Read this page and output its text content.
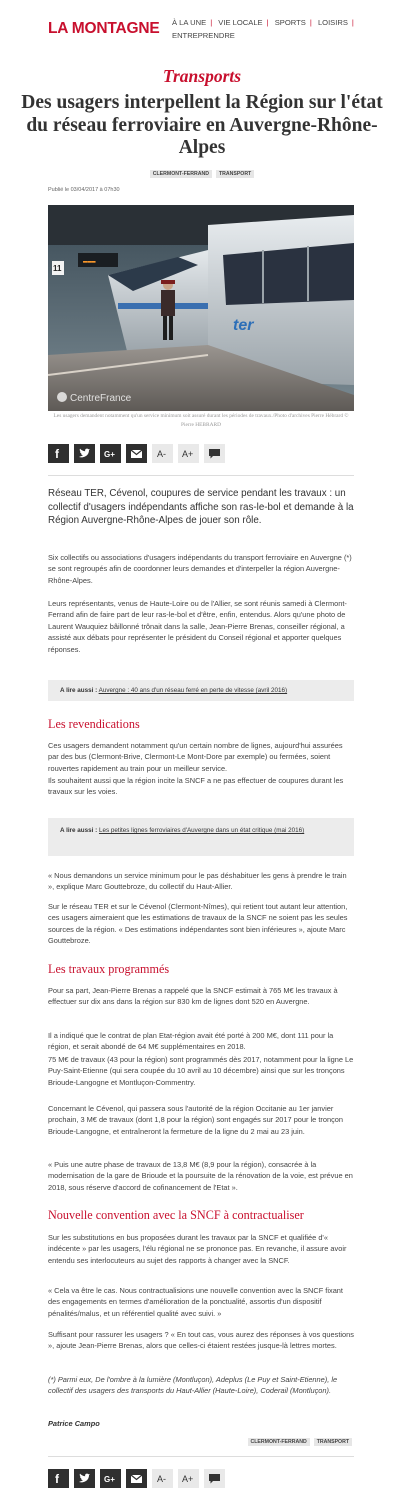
LA MONTAGNE À LA UNE | VIE LOCALE | SPORTS | LOISIRS |
ENTREPRENDRE
Transports
Des usagers interpellent la Région sur l'état du réseau ferroviaire en Auvergne-Rhône-Alpes
CLERMONT-FERRAND TRANSPORT
Publié le 03/04/2017 à 07h30
▬▬▬
11
ter
CentreFrance
Les usagers demandent notamment qu'un service minimum soit assuré durant les périodes de travaux./Photo d'archives Pierre Hébrard © Pierre HEBRARD
f	G+	A- A+

Réseau TER, Cévenol, coupures de service pendant les travaux : un collectif d'usagers indépendants affiche son ras-le-bol et demande à la Région Auvergne-Rhône-Alpes de jouer son rôle.

Six collectifs ou associations d'usagers indépendants du transport ferroviaire en Auvergne (*) se sont regroupés afin de coordonner leurs demandes et d'interpeller la région Auvergne-Rhône-Alpes.

Leurs représentants, venus de Haute-Loire ou de l'Allier, se sont réunis samedi à Clermont-Ferrand afin de faire part de leur ras-le-bol et d'être, enfin, entendus. Alors qu'une photo de Laurent Wauquiez bâillonné trônait dans la salle, Jean-Pierre Brenas, conseiller régional, a assisté aux débats pour représenter le président du Conseil régional et apporter quelques réponses.

A lire aussi : Auvergne : 40 ans d'un réseau ferré en perte de vitesse (avril 2016)
Les revendications

Ces usagers demandent notamment qu'un certain nombre de lignes, aujourd'hui assurées par des bus (Clermont-Brive, Clermont-Le Mont-Dore par exemple) ou fermées, soient rouvertes rapidement au train pour un meilleur service.

Ils souhaitent aussi que la région incite la SNCF a ne pas effectuer de coupures durant les travaux sur les voies.

A lire aussi : Les petites lignes ferroviaires d'Auvergne dans un état critique (mai 2016)

« Nous demandons un service minimum pour le pas déshabituer les gens à prendre le train », explique Marc Gouttebroze, du collectif du Haut-Allier.

Sur le réseau TER et sur le Cévenol (Clermont-Nîmes), qui retient tout autant leur attention, ces usagers aimeraient que les estimations de travaux de la SNCF ne soient pas les seules sources de la région. « Des estimations indépendantes sont bien inférieures », ajoute Marc Gouttebroze.

Les travaux programmés

Pour sa part, Jean-Pierre Brenas a rappelé que la SNCF estimait à 765 M€ les travaux à effectuer sur dix ans dans la région sur 830 km de lignes dont 520 en Auvergne.

Il a indiqué que le contrat de plan Etat-région avait été porté à 200 M€, dont 111 pour la région, et serait abondé de 64 M€ supplémentaires en 2018.

75 M€ de travaux (43 pour la région) sont programmés dès 2017, notamment pour la ligne Le Puy-Saint-Etienne (qui sera coupée du 10 avril au 10 décembre) ainsi que sur les tronçons Brioude-Langogne et Montluçon-Commentry.

Concernant le Cévenol, qui passera sous l'autorité de la région Occitanie au 1er janvier prochain, 3 M€ de travaux (dont 1,8 pour la région) sont engagés sur 2017 pour le tronçon Brioude-Langogne, et entraîneront la fermeture de la ligne du 2 mai au 23 juin.

« Puis une autre phase de travaux de 13,8 M€ (8,9 pour la région), consacrée à la modernisation de la gare de Brioude et la poursuite de la rénovation de la voie, est prévue en 2018, sous réserve d'accord de cofinancement de l'Etat ».

Nouvelle convention avec la SNCF à contractualiser

Sur les substitutions en bus proposées durant les travaux par la SNCF et qualifiée d'« indécente » par les usagers, l'élu régional ne se prononce pas. En revanche, il assure avoir entendu ses interlocuteurs au sujet des rapports à changer avec la SNCF.

« Cela va être le cas. Nous contractualisions une nouvelle convention avec la SNCF fixant des engagements en termes d'amélioration de la ponctualité, assortis d'un dispositif pénalités/malus, et un référentiel qualité avec suivi. »

Suffisant pour rassurer les usagers ? « En tout cas, vous aurez des réponses à vos questions », ajoute Jean-Pierre Brenas, alors que celles-ci étaient restées jusque-là lettres mortes.

(*) Parmi eux, De l'ombre à la lumière (Montluçon), Adeplus (Le Puy et Saint-Etienne), le collectif des usagers des transports du Haut-Allier (Haute-Loire), Coderail (Montluçon).

Patrice Campo
CLERMONT-FERRAND TRANSPORT
f	G+	A- A+
